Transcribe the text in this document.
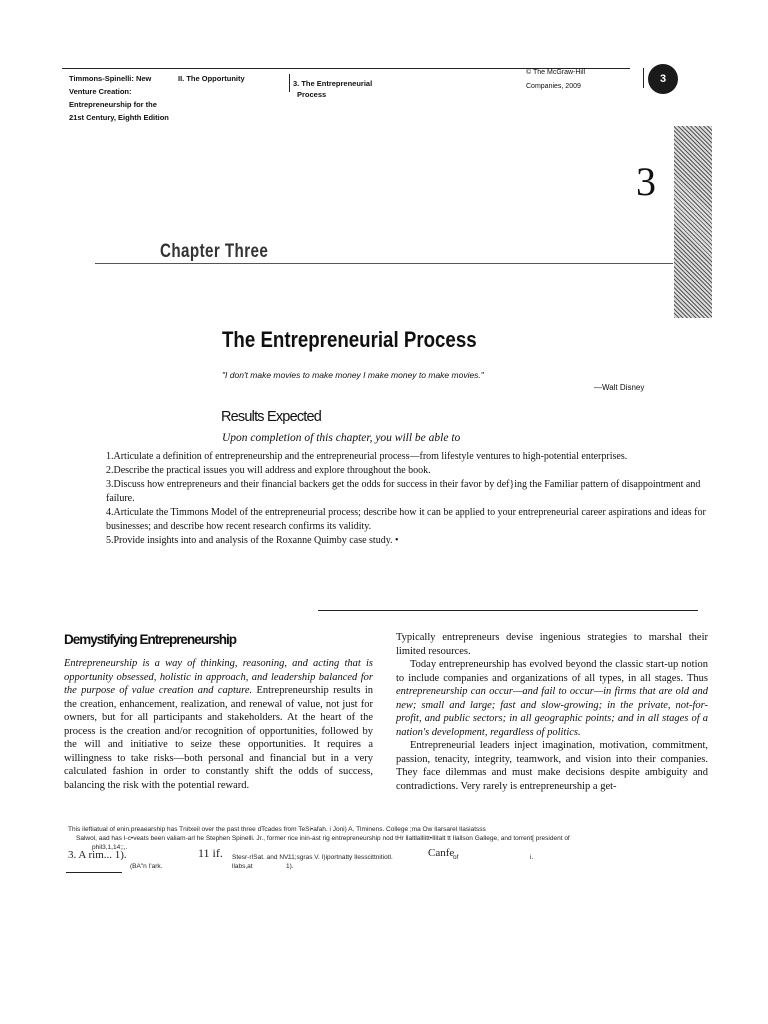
Timmons-Spinelli: New
Venture Creation:
Entrepreneurship for the
21st Century, Eighth Edition
II. The Opportunity
3. The Entrepreneurial
Process
© The McGraw-Hill
Companies, 2009
3
3
Chapter Three
The Entrepreneurial Process
"I don't make movies to make money I make money to make movies."
—Walt Disney
Results Expected
Upon completion of this chapter, you will be able to

1.Articulate a definition of entrepreneurship and the entrepreneurial process—from lifestyle ventures to high-potential enterprises.

2.Describe the practical issues you will address and explore throughout the book.

3.Discuss how entrepreneurs and their financial backers get the odds for success in their favor by def}ing the Familiar pattern of disappointment and failure.

4.Articulate the Timmons Model of the entrepreneurial process; describe how it can be applied to your entrepreneurial career aspirations and ideas for businesses; and describe how recent research confirms its validity.

5.Provide insights into and analysis of the Roxanne Quimby case study. •

Demystifying Entrepreneurship

Entrepreneurship is a way of thinking, reasoning, and acting that is opportunity obsessed, holistic in approach, and leadership balanced for the purpose of value creation and capture. Entrepreneurship results in the creation, enhancement, realization, and renewal of value, not just for owners, but for all participants and stakeholders. At the heart of the process is the creation and/or recognition of opportunities, followed by the will and initiative to seize these opportunities. It requires a willingness to take risks—both personal and financial but in a very calculated fashion in order to constantly shift the odds of success, balancing the risk with the potential reward.

Typically entrepreneurs devise ingenious strategies to marshal their limited resources.

Today entrepreneurship has evolved beyond the classic start-up notion to include companies and organizations of all types, in all stages. Thus entrepreneurship can occur—and fail to occur—in firms that are old and new; small and large; fast and slow-growing; in the private, not-for-profit, and public sectors; in all geographic points; and in all stages of a nation's development, regardless of politics.

Entrepreneurial leaders inject imagination, motivation, commitment, passion, tenacity, integrity, teamwork, and vision into their companies. They face dilemmas and must make decisions despite ambiguity and contradictions. Very rarely is entrepreneurship a get-

This ileftiatual of enin.preaearship has Tnitxeil over the past three dTcades from TeSi•afah. i Joni) A. Tlminens. College ;ma Ow Ilarsarel Ilasiatsss
Salwol, aad has I-c•veats been valiam-arl he Stephen Spinelli. Jr., former rice inin-ast rig entrepreneurship nod tHr llaltlalllitt•Ilitalt tt Ilallson Gallege, and torrent[ president of
phil3,1,14;;,.
3. A rim... 1).	11 if. Stesr-rISat. and NV.
11;sgras V. I)iportnatty Ilesscittnitiotl.	Canfe
of	i.
(BA"n I'ark.	llabs,at	1).
